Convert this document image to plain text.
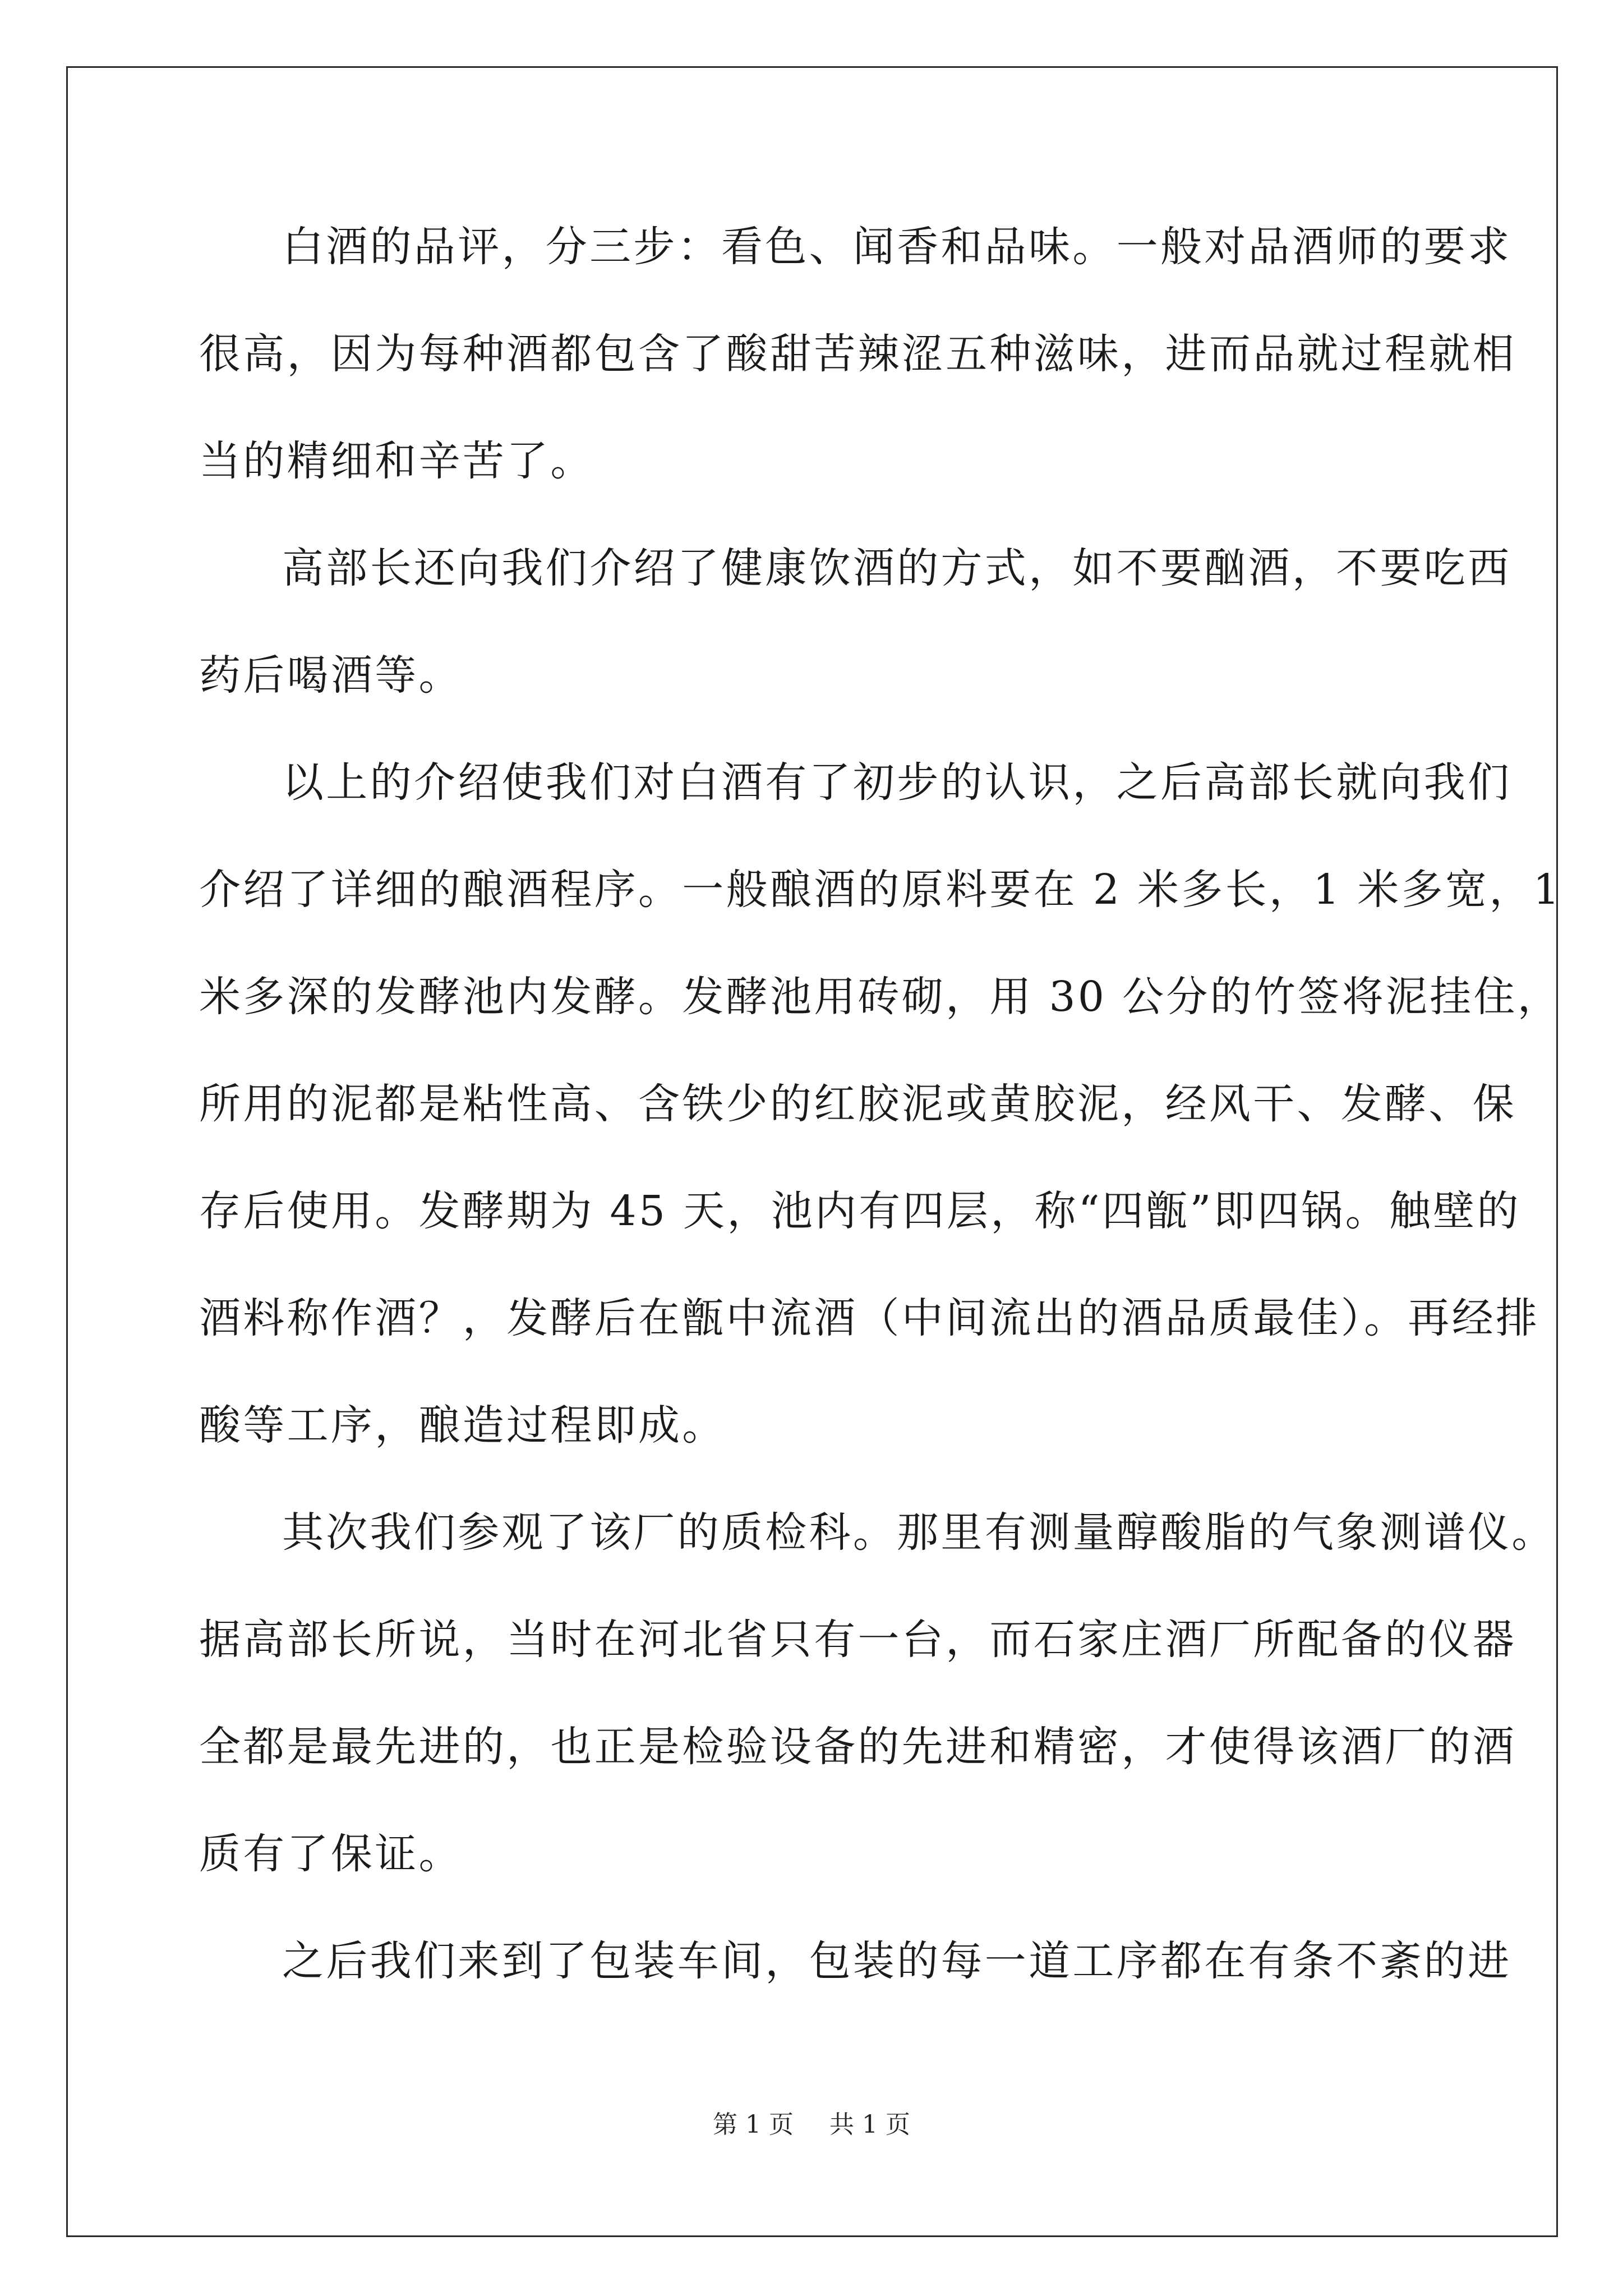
白酒的品评，分三步：看色、闻香和品味。一般对品酒师的要求
很高，因为每种酒都包含了酸甜苦辣涩五种滋味，进而品就过程就相
当的精细和辛苦了。
高部长还向我们介绍了健康饮酒的方式，如不要酗酒，不要吃西
药后喝酒等。
以上的介绍使我们对白酒有了初步的认识，之后高部长就向我们
介绍了详细的酿酒程序。一般酿酒的原料要在 2 米多长，1 米多宽，1
米多深的发酵池内发酵。发酵池用砖砌，用 30 公分的竹签将泥挂住，
所用的泥都是粘性高、含铁少的红胶泥或黄胶泥，经风干、发酵、保
存后使用。发酵期为 45 天，池内有四层，称“四甑”即四锅。触壁的
酒料称作酒？，发酵后在甑中流酒（中间流出的酒品质最佳）。再经排
酸等工序，酿造过程即成。
其次我们参观了该厂的质检科。那里有测量醇酸脂的气象测谱仪。
据高部长所说，当时在河北省只有一台，而石家庄酒厂所配备的仪器
全都是最先进的，也正是检验设备的先进和精密，才使得该酒厂的酒
质有了保证。
之后我们来到了包装车间，包装的每一道工序都在有条不紊的进
第 1 页 共 1 页
